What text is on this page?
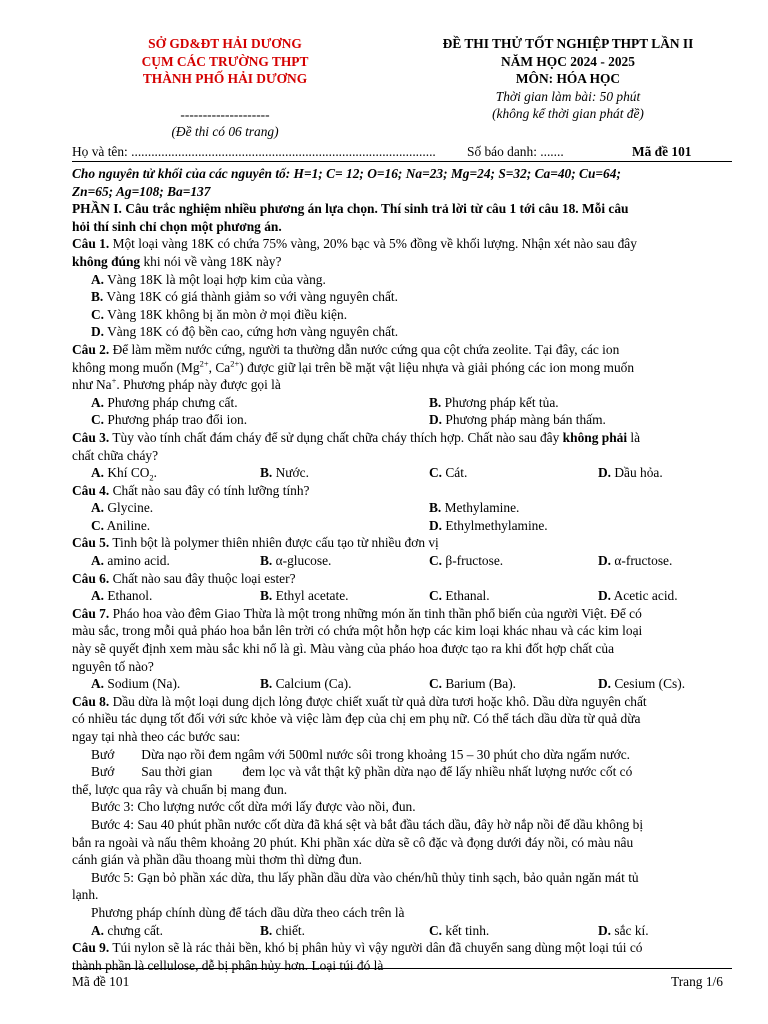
SỞ GD&ĐT HẢI DƯƠNG
CỤM CÁC TRƯỜNG THPT
THÀNH PHỐ HẢI DƯƠNG
--------------------
(Đề thi có 06 trang)
ĐỀ THI THỬ TỐT NGHIỆP THPT LẦN II
NĂM HỌC 2024 - 2025
MÔN: HÓA HỌC
Thời gian làm bài: 50 phút
(không kể thời gian phát đề)
Họ và tên: ........................................................................................... Số báo danh: .......	Mã đề 101
Cho nguyên tử khối của các nguyên tố: H=1; C= 12; O=16; Na=23; Mg=24; S=32; Ca=40; Cu=64;
Zn=65; Ag=108; Ba=137
PHẦN I. Câu trắc nghiệm nhiều phương án lựa chọn. Thí sinh trả lời từ câu 1 tới câu 18. Mỗi câu
hỏi thí sinh chỉ chọn một phương án.
Câu 1. Một loại vàng 18K có chứa 75% vàng, 20% bạc và 5% đồng về khối lượng. Nhận xét nào sau đây
không đúng khi nói về vàng 18K này?
A. Vàng 18K là một loại hợp kim của vàng.
B. Vàng 18K có giá thành giảm so với vàng nguyên chất.
C. Vàng 18K không bị ăn mòn ở mọi điều kiện.
D. Vàng 18K có độ bền cao, cứng hơn vàng nguyên chất.
Câu 2. Để làm mềm nước cứng, người ta thường dẫn nước cứng qua cột chứa zeolite. Tại đây, các ion
không mong muốn ($Mg^{2+}$, $Ca^{2+}$) được giữ lại trên bề mặt vật liệu nhựa và giải phóng các ion mong muốn
như Na+. Phương pháp này được gọi là
A. Phương pháp chưng cất.	B. Phương pháp kết tủa.
C. Phương pháp trao đổi ion.	D. Phương pháp màng bán thấm.
Câu 3. Tùy vào tính chất đám cháy để sử dụng chất chữa cháy thích hợp. Chất nào sau đây không phải là
chất chữa cháy?
A. Khí $CO_2$.	B. Nước.	C. Cát.	D. Dầu hỏa.
Câu 4. Chất nào sau đây có tính lưỡng tính?
A. Glycine.	B. Methylamine.
C. Aniline.	D. Ethylmethylamine.
Câu 5. Tinh bột là polymer thiên nhiên được cấu tạo từ nhiều đơn vị
A. amino acid.	B. α-glucose.	C. β-fructose.	D. α-fructose.
Câu 6. Chất nào sau đây thuộc loại ester?
A. Ethanol.	B. Ethyl acetate.	C. Ethanal.	D. Acetic acid.
Câu 7. Pháo hoa vào đêm Giao Thừa là một trong những món ăn tinh thần phổ biến của người Việt. Để có
màu sắc, trong mỗi quả pháo hoa bắn lên trời có chứa một hỗn hợp các kim loại khác nhau và các kim loại
này sẽ quyết định xem màu sắc khi nổ là gì. Màu vàng của pháo hoa được tạo ra khi đốt hợp chất của
nguyên tố nào?
A. Sodium (Na).	B. Calcium (Ca).	C. Barium (Ba).	D. Cesium (Cs).
Câu 8. Dầu dừa là một loại dung dịch lỏng được chiết xuất từ quả dừa tươi hoặc khô. Dầu dừa nguyên chất
có nhiều tác dụng tốt đối với sức khỏe và việc làm đẹp của chị em phụ nữ. Có thể tách dầu dừa từ quả dừa
ngay tại nhà theo các bước sau:
Bướ Dừa nạo rồi đem ngâm với 500ml nước sôi trong khoảng 15 – 30 phút cho dừa ngấm nước.
Bướ Sau thời gian đem lọc và vắt thật kỹ phần dừa nạo để lấy nhiều nhất lượng nước cốt có
thể, lược qua rây và chuẩn bị mang đun.
Bước 3: Cho lượng nước cốt dừa mới lấy được vào nồi, đun.
Bước 4: Sau 40 phút phần nước cốt dừa đã khá sệt và bắt đầu tách dầu, đây hờ nắp nồi để dầu không bị
bắn ra ngoài và nấu thêm khoảng 20 phút. Khi phần xác dừa sẽ cô đặc và đọng dưới đáy nồi, có màu nâu
cánh gián và phần dầu thoang mùi thơm thì dừng đun.
Bước 5: Gạn bỏ phần xác dừa, thu lấy phần dầu dừa vào chén/hũ thủy tinh sạch, bảo quản ngăn mát tủ
lạnh.
Phương pháp chính dùng để tách dầu dừa theo cách trên là
A. chưng cất.	B. chiết.	C. kết tinh.	D. sắc kí.
Câu 9. Túi nylon sẽ là rác thải bền, khó bị phân hủy vì vậy người dân đã chuyển sang dùng một loại túi có
thành phần là cellulose, dễ bị phân hủy hơn. Loại túi đó là
Mã đề 101	Trang 1/6
